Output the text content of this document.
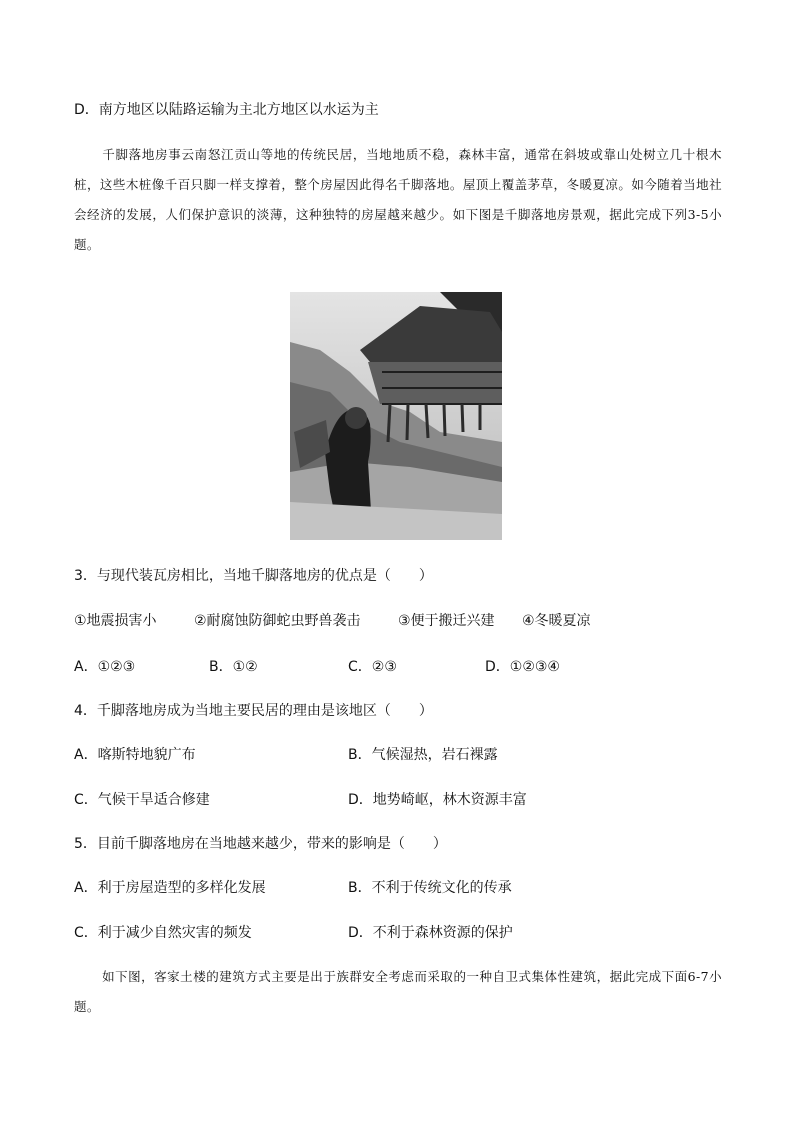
D．南方地区以陆路运输为主北方地区以水运为主
千脚落地房事云南怒江贡山等地的传统民居，当地地质不稳，森林丰富，通常在斜坡或靠山处树立几十根木桩，这些木桩像千百只脚一样支撑着，整个房屋因此得名千脚落地。屋顶上覆盖茅草，冬暖夏凉。如今随着当地社会经济的发展，人们保护意识的淡薄，这种独特的房屋越来越少。如下图是千脚落地房景观，据此完成下列3-5小题。
3．与现代装瓦房相比，当地千脚落地房的优点是（　　）
①地震损害小	②耐腐蚀防御蛇虫野兽袭击	③便于搬迁兴建 ④冬暖夏凉
A．①②③	B．①②	C．②③	D．①②③④
4．千脚落地房成为当地主要民居的理由是该地区（　　）
A．喀斯特地貌广布	B．气候湿热，岩石裸露
C．气候干旱适合修建	D．地势崎岖，林木资源丰富
5．目前千脚落地房在当地越来越少，带来的影响是（　　）
A．利于房屋造型的多样化发展	B．不利于传统文化的传承
C．利于减少自然灾害的频发	D．不利于森林资源的保护
如下图，客家土楼的建筑方式主要是出于族群安全考虑而采取的一种自卫式集体性建筑，据此完成下面6-7小题。
